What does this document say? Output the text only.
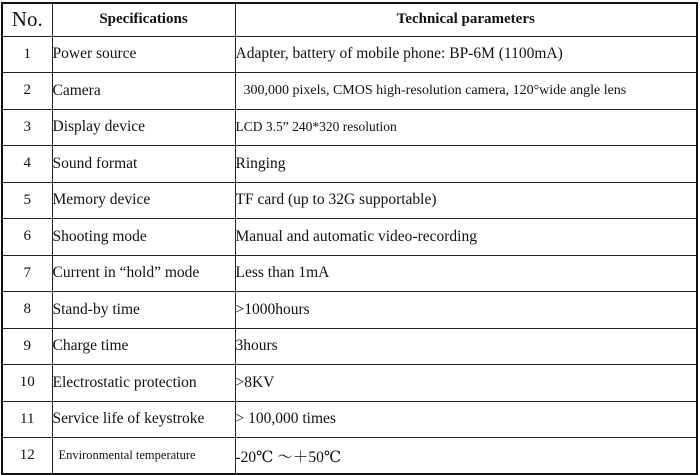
No.	Specifications	Technical parameters
1	Power source	Adapter, battery of mobile phone: BP-6M (1100mA)
2	Camera	300,000 pixels, CMOS high-resolution camera, 120°wide angle lens
3	Display device	LCD 3.5” 240*320 resolution
4	Sound format	Ringing
5	Memory device	TF card (up to 32G supportable)
6	Shooting mode	Manual and automatic video-recording
7	Current in “hold” mode	Less than 1mA
8	Stand-by time	>1000hours
9	Charge time	3hours
10	Electrostatic protection	>8KV
11	Service life of keystroke	> 100,000 times
12	Environmental temperature	-20℃ ～＋50℃
